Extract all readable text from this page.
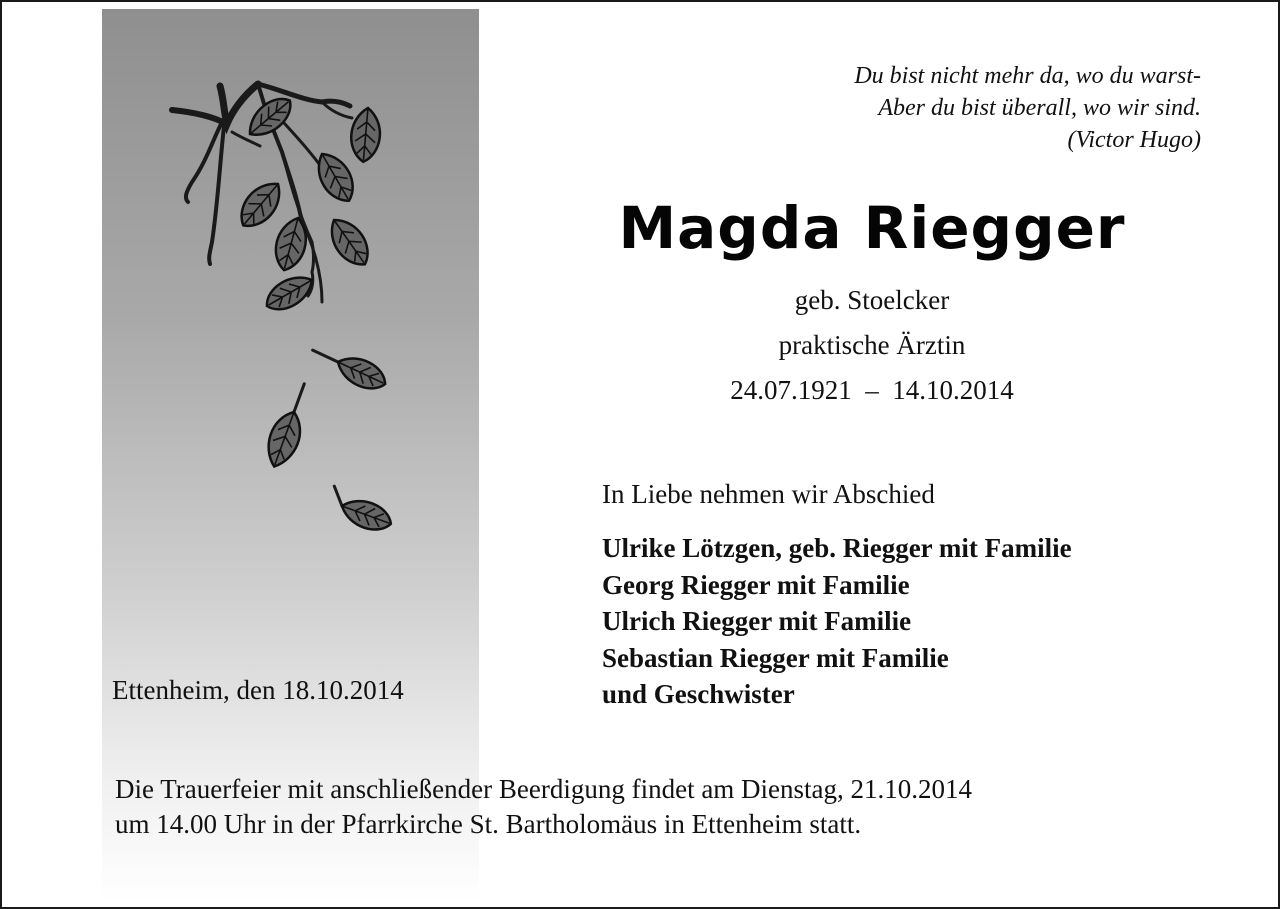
Du bist nicht mehr da, wo du warst-
Aber du bist überall, wo wir sind.
(Victor Hugo)
Magda Riegger
geb. Stoelcker
praktische Ärztin
24.07.1921  –  14.10.2014
In Liebe nehmen wir Abschied
Ulrike Lötzgen, geb. Riegger mit Familie
Georg Riegger mit Familie
Ulrich Riegger mit Familie
Sebastian Riegger mit Familie
und Geschwister
Ettenheim, den 18.10.2014
Die Trauerfeier mit anschließender Beerdigung findet am Dienstag, 21.10.2014
um 14.00 Uhr in der Pfarrkirche St. Bartholomäus in Ettenheim statt.
